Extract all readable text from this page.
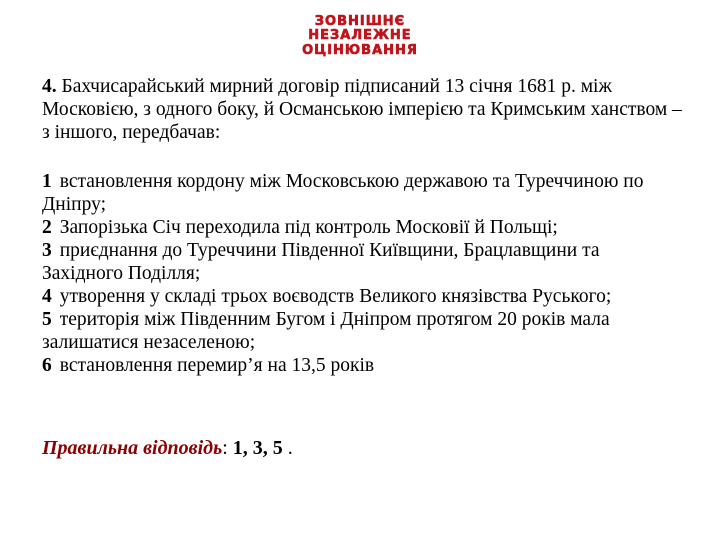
ЗОВНІШНЄ
НЕЗАЛЕЖНЕ
ОЦІНЮВАННЯ
4. Бахчисарайський мирний договір підписаний 13 січня 1681 р. між Московією, з одного боку, й Османською імперією та Кримським ханством – з іншого, передбачав:

1 встановлення кордону між Московською державою та Туреччиною по Дніпру;

2 Запорізька Січ переходила під контроль Московії й Польщі;

3 приєднання до Туреччини Південної Київщини, Брацлавщини та Західного Поділля;

4 утворення у складі трьох воєводств Великого князівства Руського;

5 територія між Південним Бугом і Дніпром протягом 20 років мала залишатися незаселеною;

6 встановлення перемир’я на 13,5 років

Правильна відповідь: 1, 3, 5 .
